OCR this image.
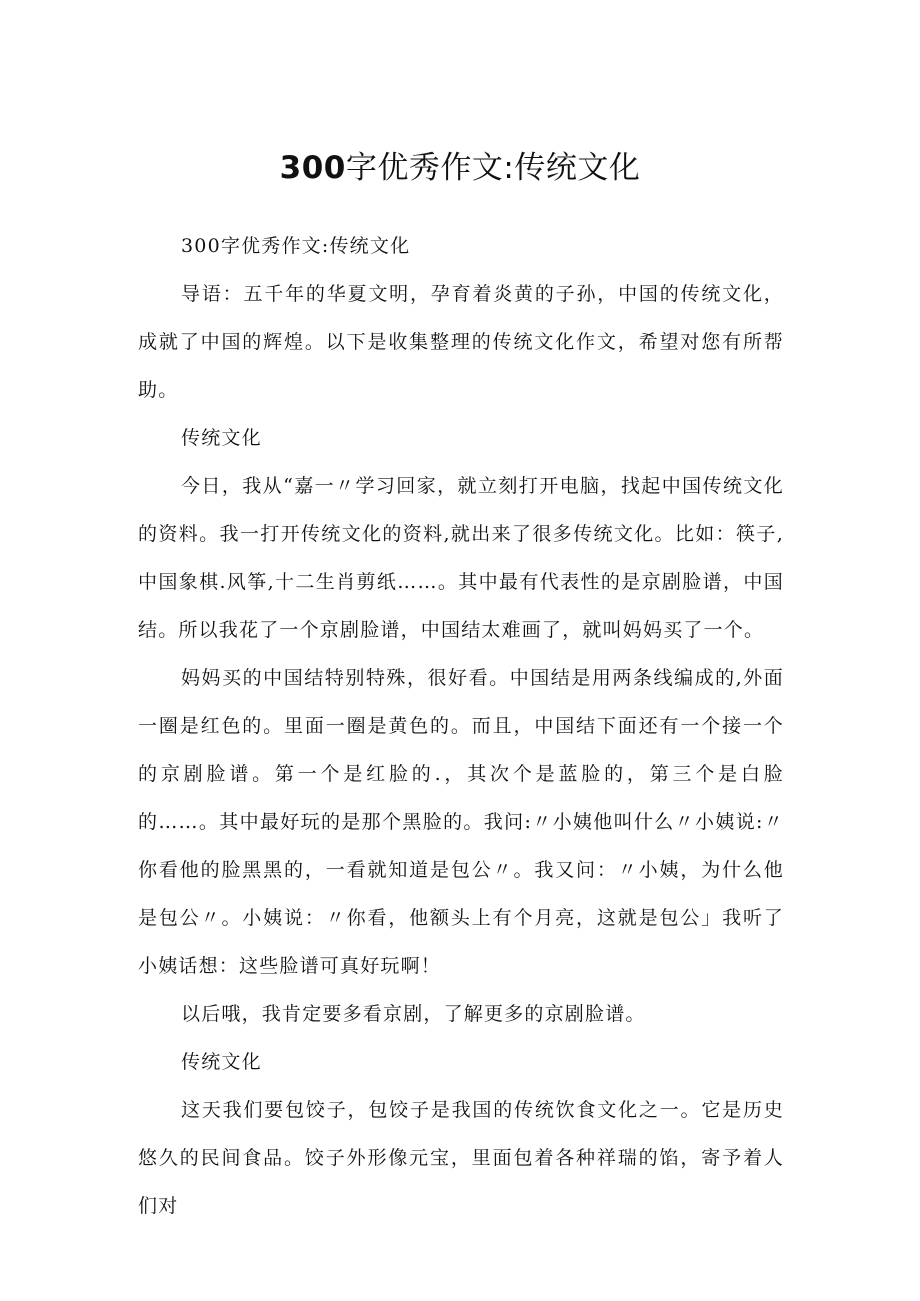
300字优秀作文:传统文化

300字优秀作文:传统文化

导语：五千年的华夏文明，孕育着炎黄的子孙，中国的传统文化，成就了中国的辉煌。以下是收集整理的传统文化作文，希望对您有所帮助。

传统文化

今日，我从“嘉一〃学习回家，就立刻打开电脑，找起中国传统文化的资料。我一打开传统文化的资料,就出来了很多传统文化。比如：筷子,中国象棋.风筝,十二生肖剪纸……。其中最有代表性的是京剧脸谱，中国结。所以我花了一个京剧脸谱，中国结太难画了，就叫妈妈买了一个。

妈妈买的中国结特别特殊，很好看。中国结是用两条线编成的,外面一圈是红色的。里面一圈是黄色的。而且，中国结下面还有一个接一个的京剧脸谱。第一个是红脸的.，其次个是蓝脸的，第三个是白脸的……。其中最好玩的是那个黑脸的。我问:〃小姨他叫什么〃小姨说:〃你看他的脸黑黑的，一看就知道是包公〃。我又问：〃小姨，为什么他是包公〃。小姨说：〃你看，他额头上有个月亮，这就是包公」我听了小姨话想：这些脸谱可真好玩啊！

以后哦，我肯定要多看京剧，了解更多的京剧脸谱。

传统文化

这天我们要包饺子，包饺子是我国的传统饮食文化之一。它是历史悠久的民间食品。饺子外形像元宝，里面包着各种祥瑞的馅，寄予着人们对
